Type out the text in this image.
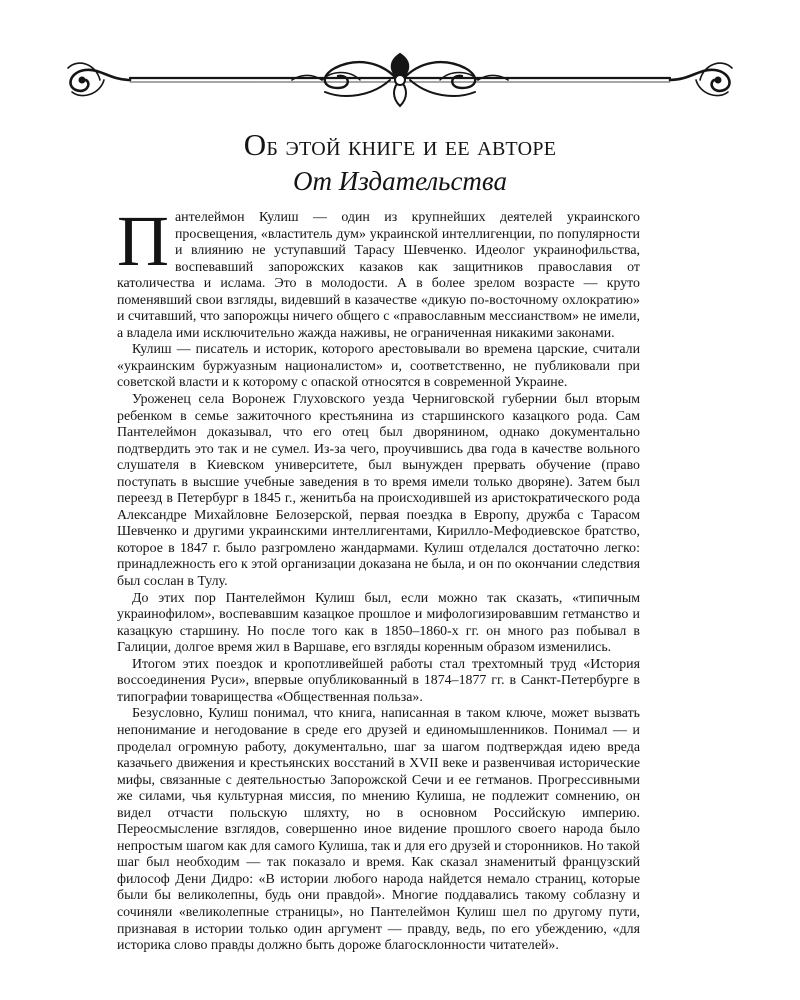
Об этой книге и ее авторе
От Издательства

Пантелеймон Кулиш — один из крупнейших деятелей украинского просвещения, «властитель дум» украинской интеллигенции, по популярности и влиянию не уступавший Тарасу Шевченко. Идеолог украинофильства, воспевавший запорожских казаков как защитников православия от католичества и ислама. Это в молодости. А в более зрелом возрасте — круто поменявший свои взгляды, видевший в казачестве «дикую по-восточному охлократию» и считавший, что запорожцы ничего общего с «православным мессианством» не имели, а владела ими исключительно жажда наживы, не ограниченная никакими законами.

Кулиш — писатель и историк, которого арестовывали во времена царские, считали «украинским буржуазным националистом» и, соответственно, не публиковали при советской власти и к которому с опаской относятся в современной Украине.

Уроженец села Воронеж Глуховского уезда Черниговской губернии был вторым ребенком в семье зажиточного крестьянина из старшинского казацкого рода. Сам Пантелеймон доказывал, что его отец был дворянином, однако документально подтвердить это так и не сумел. Из-за чего, проучившись два года в качестве вольного слушателя в Киевском университете, был вынужден прервать обучение (право поступать в высшие учебные заведения в то время имели только дворяне). Затем был переезд в Петербург в 1845 г., женитьба на происходившей из аристократического рода Александре Михайловне Белозерской, первая поездка в Европу, дружба с Тарасом Шевченко и другими украинскими интеллигентами, Кирилло-Мефодиевское братство, которое в 1847 г. было разгромлено жандармами. Кулиш отделался достаточно легко: принадлежность его к этой организации доказана не была, и он по окончании следствия был сослан в Тулу.

До этих пор Пантелеймон Кулиш был, если можно так сказать, «типичным украинофилом», воспевавшим казацкое прошлое и мифологизировавшим гетманство и казацкую старшину. Но после того как в 1850–1860-х гг. он много раз побывал в Галиции, долгое время жил в Варшаве, его взгляды коренным образом изменились.

Итогом этих поездок и кропотливейшей работы стал трехтомный труд «История воссоединения Руси», впервые опубликованный в 1874–1877 гг. в Санкт-Петербурге в типографии товарищества «Общественная польза».

Безусловно, Кулиш понимал, что книга, написанная в таком ключе, может вызвать непонимание и негодование в среде его друзей и единомышленников. Понимал — и проделал огромную работу, документально, шаг за шагом подтверждая идею вреда казачьего движения и крестьянских восстаний в XVII веке и развенчивая исторические мифы, связанные с деятельностью Запорожской Сечи и ее гетманов. Прогрессивными же силами, чья культурная миссия, по мнению Кулиша, не подлежит сомнению, он видел отчасти польскую шляхту, но в основном Российскую империю. Переосмысление взглядов, совершенно иное видение прошлого своего народа было непростым шагом как для самого Кулиша, так и для его друзей и сторонников. Но такой шаг был необходим — так показало и время. Как сказал знаменитый французский философ Дени Дидро: «В истории любого народа найдется немало страниц, которые были бы великолепны, будь они правдой». Многие поддавались такому соблазну и сочиняли «великолепные страницы», но Пантелеймон Кулиш шел по другому пути, признавая в истории только один аргумент — правду, ведь, по его убеждению, «для историка слово правды должно быть дороже благосклонности читателей».
